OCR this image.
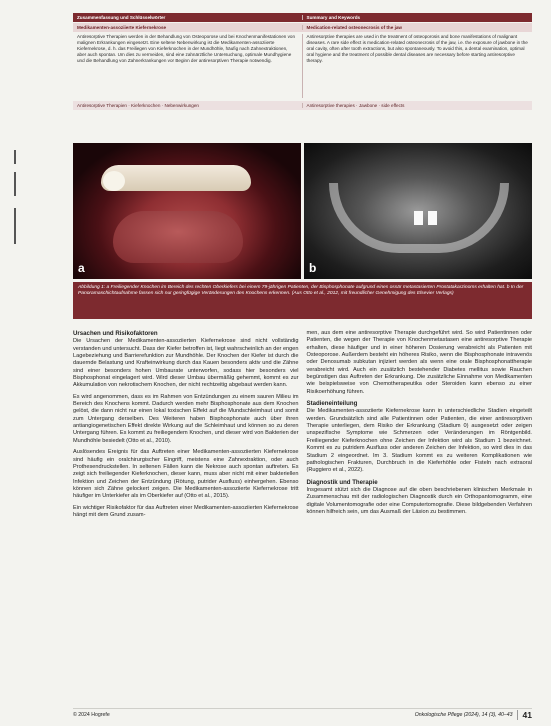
Zusammenfassung und Schlüsselwörter	Summary and Keywords
Medikamenten-assoziierte Kiefernekrose	Medication-related osteonecrosis of the jaw
Antiresorptive Therapien werden in der Behandlung von Osteoporose und bei Knochenmanifestationen von malignen Erkrankungen eingesetzt. Eine seltene Nebenwirkung ist die Medikamenten-assoziierte Kiefernekrose, d. h. das Freiliegen von Kieferknochen in der Mundhöhle, häufig nach Zahnextraktionen, aber auch spontan. Um dies zu vermeiden, sind eine zahnärztliche Untersuchung, optimale Mundhygiene und die Behandlung von Zahnerkrankungen vor Beginn der antiresorptiven Therapie notwendig.
Antiresorptive therapies are used in the treatment of osteoporosis and bone manifestations of malignant diseases. A rare side effect is medication-related osteonecrosis of the jaw, i.e. the exposure of jawbone in the oral cavity, often after tooth extractions, but also spontaneously. To avoid this, a dental examination, optimal oral hygiene and the treatment of possible dental diseases are necessary before starting antiresorptive therapy.
Antiresorptive Therapien · Kieferknochen · Nebenwirkungen	Antiresorptive therapies · Jawbone · side effects
a	b
Abbildung 1: a Freiliegender Knochen im Bereich des rechten Oberkiefers bei einem 79-jährigen Patienten, der Bisphosphonate aufgrund eines ossär metastasierten Prostatakarzinoms erhalten hat. b In der Panoramaschichtaufnahme fassen sich nur geringfügige Veränderungen des Knochens erkennen. (Aus Otto et al., 2012, mit freundlicher Genehmigung des Elsevier Verlags)
Ursachen und Risikofaktoren

Die Ursachen der Medikamenten-assoziierten Kiefernekrose sind nicht vollständig verstanden und untersucht. Dass der Kiefer betroffen ist, liegt wahrscheinlich an der engen Lagebeziehung und Barrierefunktion zur Mundhöhle. Der Knochen der Kiefer ist durch die dauernde Belastung und Krafteinwirkung durch das Kauen besonders aktiv und die Zähne sind einer besonders hohen Umbaurate unterworfen, sodass hier besonders viel Bisphosphonat eingelagert wird. Wird dieser Umbau übermäßig gehemmt, kommt es zur Akkumulation von nekrotischem Knochen, der nicht rechtzeitig abgebaut werden kann.

Es wird angenommen, dass es im Rahmen von Entzündungen zu einem sauren Milieu im Bereich des Knochens kommt. Dadurch werden mehr Bisphosphonate aus dem Knochen gelöst, die dann nicht nur einen lokal toxischen Effekt auf die Mundschleimhaut und somit zum Untergang derselben. Des Weiteren haben Bisphosphonate auch über ihren antiangiogenetischen Effekt direkte Wirkung auf die Schleimhaut und können so zu deren Untergang führen. Es kommt zu freiliegendem Knochen, und dieser wird von Bakterien der Mundhöhle besiedelt (Otto et al., 2010).

Auslösendes Ereignis für das Auftreten einer Medikamenten-assoziierten Kiefernekrose sind häufig ein oralchirurgischer Eingriff, meistens eine Zahnextraktion, oder auch Prothesendruckstellen. In seltenen Fällen kann die Nekrose auch spontan auftreten. Es zeigt sich freiliegender Kieferknochen, dieser kann, muss aber nicht mit einer bakteriellen Infektion und Zeichen der Entzündung (Rötung, putrider Ausfluss) einhergehen. Ebenso können sich Zähne gelockert zeigen. Die Medikamenten-assoziierte Kiefernekrose tritt häufiger im Unterkiefer als im Oberkiefer auf (Otto et al., 2015).

Ein wichtiger Risikofaktor für das Auftreten einer Medikamenten-assoziierten Kiefernekrose hängt mit dem Grund zusam-

men, aus dem eine antiresorptive Therapie durchgeführt wird. So wird Patientinnen oder Patienten, die wegen der Therapie von Knochenmetastasen eine antiresorptive Therapie erhalten, diese häufiger und in einer höheren Dosierung verabreicht als Patienten mit Osteoporose. Außerdem besteht ein höheres Risiko, wenn die Bisphosphonate intravenös oder Denosumab subkutan injiziert werden als wenn eine orale Bisphosphonattherapie verabreicht wird. Auch ein zusätzlich bestehender Diabetes mellitus sowie Rauchen begünstigen das Auftreten der Erkrankung. Die zusätzliche Einnahme von Medikamenten wie beispielsweise von Chemotherapeutika oder Steroiden kann ebenso zu einer Risikoerhöhung führen.

Stadieneinteilung

Die Medikamenten-assoziierte Kiefernekrose kann in unterschiedliche Stadien eingeteilt werden. Grundsätzlich sind alle Patientinnen oder Patienten, die einer antiresorptiven Therapie unterliegen, dem Risiko der Erkrankung (Stadium 0) ausgesetzt oder zeigen unspezifische Symptome wie Schmerzen oder Veränderungen im Röntgenbild. Freiliegender Kieferknochen ohne Zeichen der Infektion wird als Stadium 1 bezeichnet. Kommt es zu putridem Ausfluss oder anderen Zeichen der Infektion, so wird dies in das Stadium 2 eingeordnet. Im 3. Stadium kommt es zu weiteren Komplikationen wie pathologischen Frakturen, Durchbruch in die Kieferhöhle oder Fisteln nach extraoral (Ruggiero et al., 2022).

Diagnostik und Therapie

Insgesamt stützt sich die Diagnose auf die oben beschriebenen klinischen Merkmale in Zusammenschau mit der radiologischen Diagnostik durch ein Orthopantomogramm, eine digitale Volumentomografie oder eine Computertomografie. Diese bildgebenden Verfahren können hilfreich sein, um das Ausmaß der Läsion zu bestimmen.

© 2024 Hogrefe	Onkologische Pflege (2024), 14 (3), 40–43	41
